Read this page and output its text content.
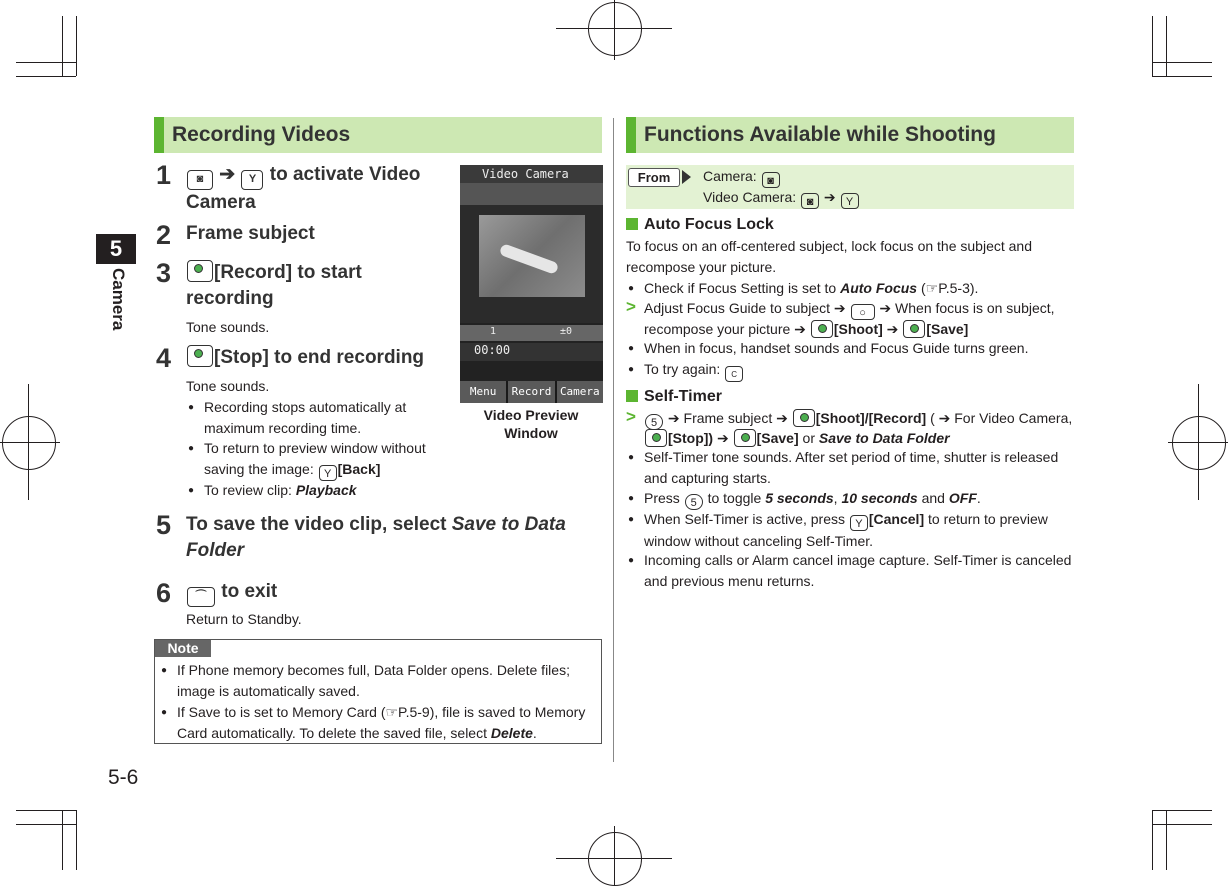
5
Camera
5-6
Recording Videos
1	◙ ➔ Y to activate Video Camera
2 Frame subject
3	[Record] to start recording
Tone sounds.
4	[Stop] to end recording
Tone sounds.
● Recording stops automatically at maximum recording time.
● To return to preview window without saving the image: Y [Back]
● To review clip: Playback
Video Camera
1	±0
00:00
Menu	Record Camera
Video Preview Window
5 To save the video clip, select Save to Data Folder
6	⌒ to exit
Return to Standby.
Note
● If Phone memory becomes full, Data Folder opens. Delete files; image is automatically saved.
● If Save to is set to Memory Card (☞P.5-9), file is saved to Memory Card automatically. To delete the saved file, select Delete.
Functions Available while Shooting
From	Camera: ◙
Video Camera: ◙ ➔ Y
Auto Focus Lock
To focus on an off-centered subject, lock focus on the subject and recompose your picture.
● Check if Focus Setting is set to Auto Focus (☞P.5-3).
> Adjust Focus Guide to subject ➔ ○ ➔ When focus is on subject,
recompose your picture ➔ [Shoot] ➔ [Save]
● When in focus, handset sounds and Focus Guide turns green.
● To try again: C
Self-Timer
>	5 ➔ Frame subject ➔ [Shoot]/[Record] ( ➔ For Video Camera,
[Stop]) ➔ [Save] or Save to Data Folder
● Self-Timer tone sounds. After set period of time, shutter is released and capturing starts.
● Press 5 to toggle 5 seconds, 10 seconds and OFF.
● When Self-Timer is active, press Y [Cancel] to return to preview window without canceling Self-Timer.
● Incoming calls or Alarm cancel image capture. Self-Timer is canceled and previous menu returns.
